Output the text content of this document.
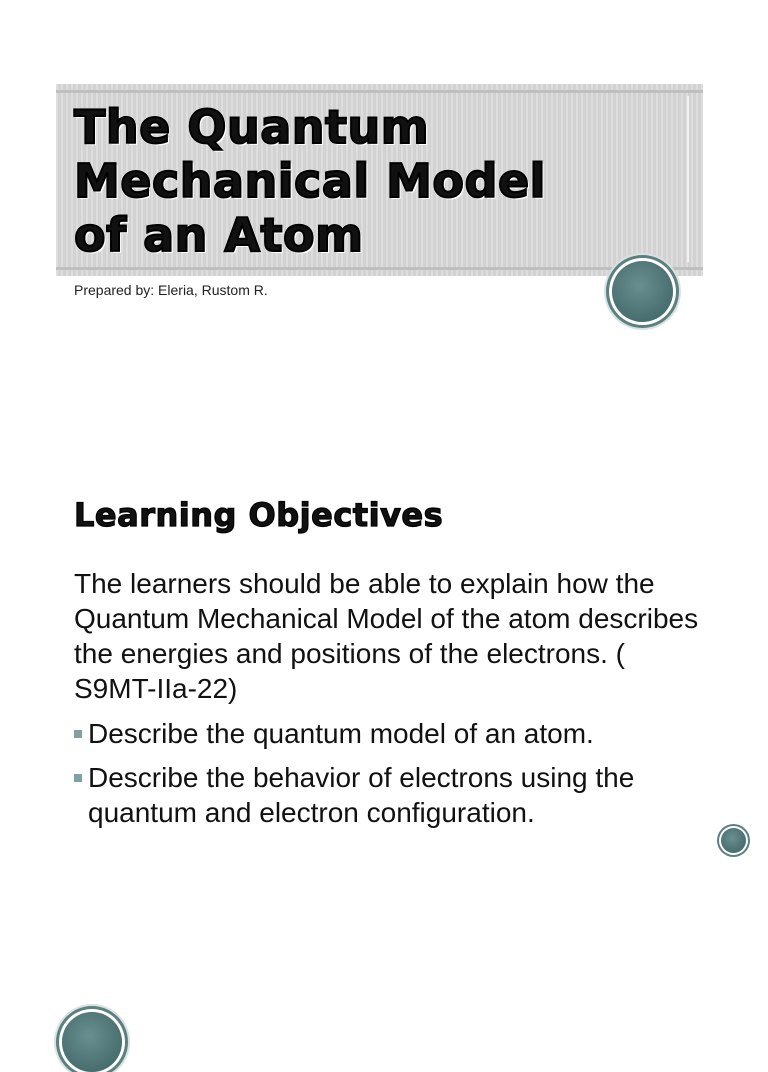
The Quantum
Mechanical Model
of an Atom

Prepared by: Eleria, Rustom R.

Learning Objectives

The learners should be able to explain how the Quantum Mechanical Model of the atom describes the energies and positions of the electrons. ( S9MT-IIa-22)

Describe the quantum model of an atom.
Describe the behavior of electrons using the quantum and electron configuration.
